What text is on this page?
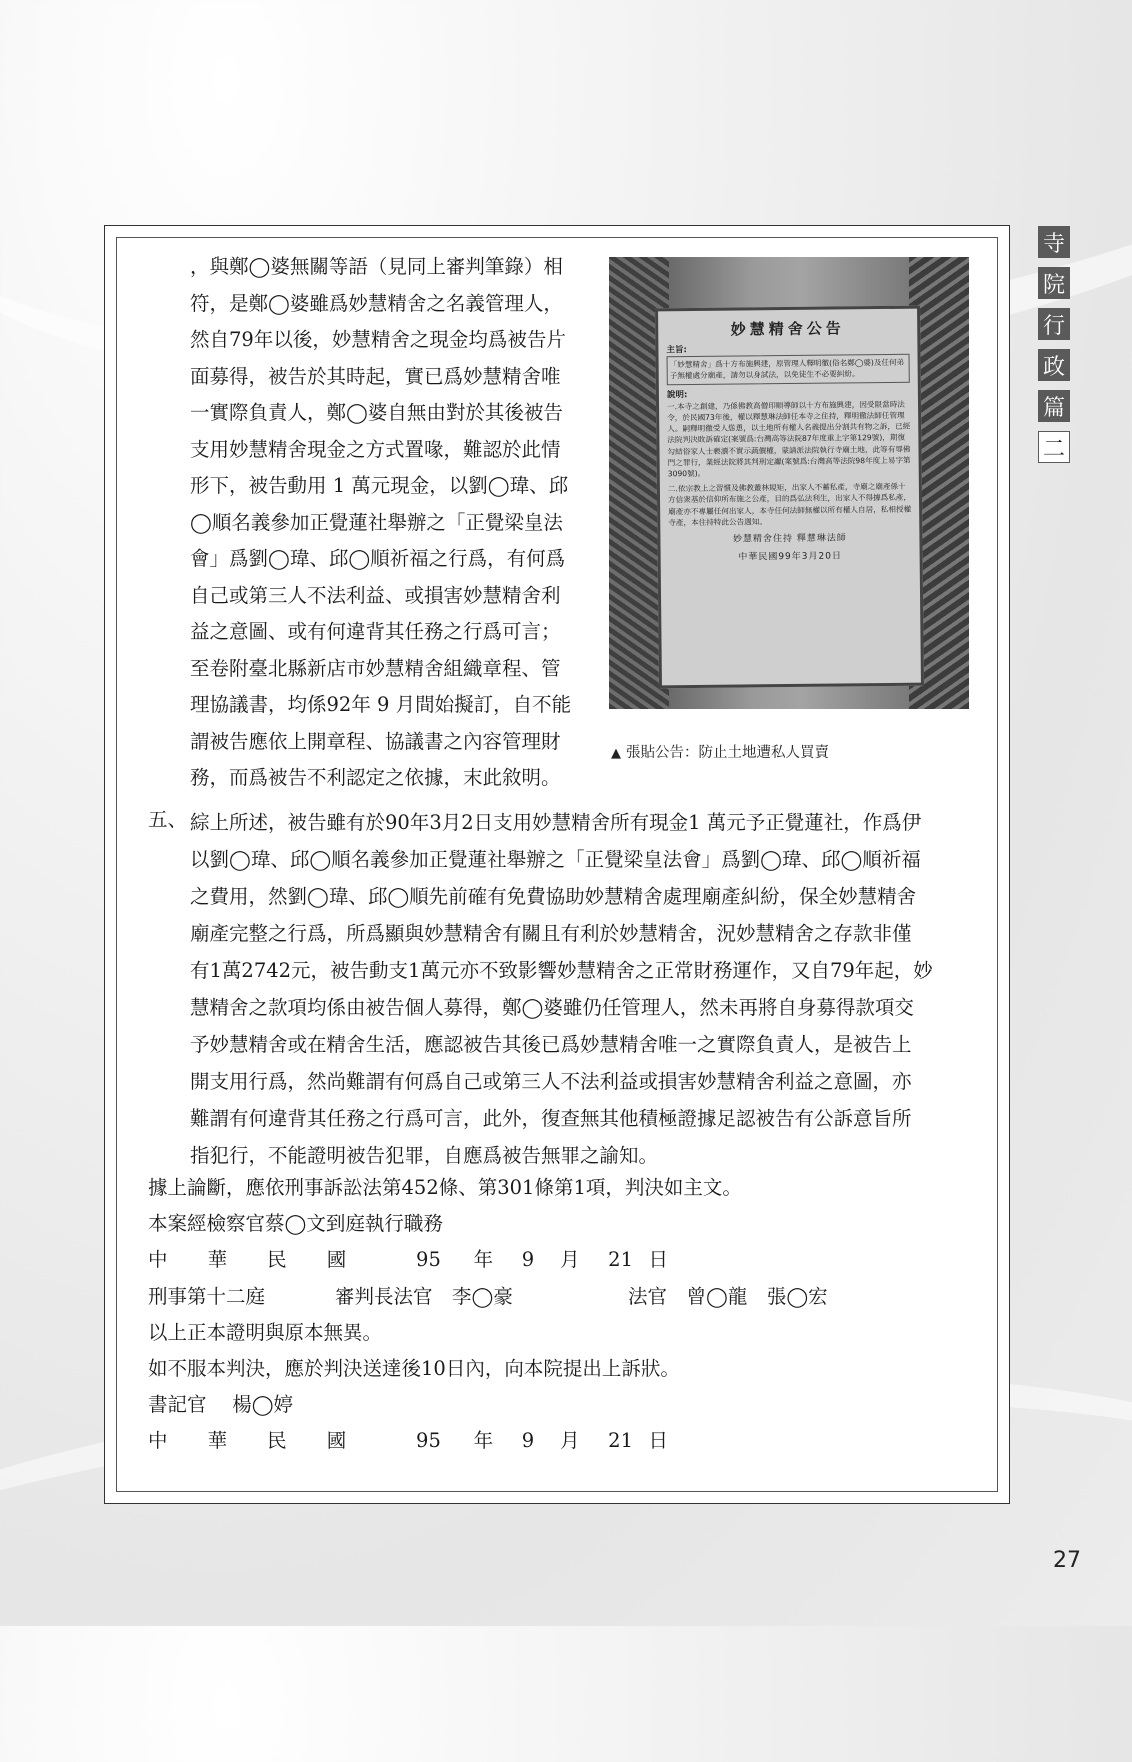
寺
院
行
政
篇
二
，與鄭◯婆無關等語（見同上審判筆錄）相
符，是鄭◯婆雖爲妙慧精舍之名義管理人，
然自79年以後，妙慧精舍之現金均爲被告片
面募得，被告於其時起，實已爲妙慧精舍唯
一實際負責人，鄭◯婆自無由對於其後被告
支用妙慧精舍現金之方式置喙，難認於此情
形下，被告動用 1 萬元現金，以劉◯瑋、邱
◯順名義參加正覺蓮社舉辦之「正覺梁皇法
會」爲劉◯瑋、邱◯順祈福之行爲，有何爲
自己或第三人不法利益、或損害妙慧精舍利
益之意圖、或有何違背其任務之行爲可言；
至卷附臺北縣新店市妙慧精舍組織章程、管
理協議書，均係92年 9 月間始擬訂，自不能
謂被告應依上開章程、協議書之內容管理財
務，而爲被告不利認定之依據，末此敘明。
妙慧精舍公告
主旨:
「妙慧精舍」爲十方布施興建，原管理人釋明徹(俗名鄭◯婆)及任何弟子無權處分廟產，請勿以身試法，以免徒生不必要糾紛。
說明:
一.本寺之創建，乃係佛教高僧印順導師以十方布施興建，因受限當時法令，於民國73年後，權以釋慧琳法師任本寺之住持，釋明徹法師任管理人。嗣釋明徹受人慫恿，以土地所有權人名義提出分割共有物之訴，已經法院判決敗訴確定(案號爲:台灣高等法院87年度重上字第129號)，期復勾結俗家人士褻瀆不實示蔬價權，蒙請派法院執行寺廟土地，此等有辱佛門之罪行，業經法院將其判刑定讞(案號爲:台灣高等法院98年度上易字第3090號)。
二.依宗教上之習慣及佛教叢林規矩，出家人不蓄私產，寺廟之廟產係十方信衆基於信仰所布施之公產，目的爲弘法利生，出家人不得據爲私產，廟產亦不專屬任何出家人，本寺任何法師無權以所有權人自居，私相授權寺產，本住持特此公告週知。
妙慧精舍住持 釋慧琳法師
中華民國99年3月20日
▲ 張貼公告：防止土地遭私人買賣
五、 綜上所述，被告雖有於90年3月2日支用妙慧精舍所有現金1 萬元予正覺蓮社，作爲伊
以劉◯瑋、邱◯順名義參加正覺蓮社舉辦之「正覺梁皇法會」爲劉◯瑋、邱◯順祈福
之費用，然劉◯瑋、邱◯順先前確有免費協助妙慧精舍處理廟產糾紛，保全妙慧精舍
廟產完整之行爲，所爲顯與妙慧精舍有關且有利於妙慧精舍，況妙慧精舍之存款非僅
有1萬2742元，被告動支1萬元亦不致影響妙慧精舍之正常財務運作，又自79年起，妙
慧精舍之款項均係由被告個人募得，鄭◯婆雖仍任管理人，然未再將自身募得款項交
予妙慧精舍或在精舍生活，應認被告其後已爲妙慧精舍唯一之實際負責人，是被告上
開支用行爲，然尚難謂有何爲自己或第三人不法利益或損害妙慧精舍利益之意圖，亦
難謂有何違背其任務之行爲可言，此外，復查無其他積極證據足認被告有公訴意旨所
指犯行，不能證明被告犯罪，自應爲被告無罪之諭知。
據上論斷，應依刑事訴訟法第452條、第301條第1項，判決如主文。
本案經檢察官蔡◯文到庭執行職務
中	華	民	國	95	年	9	月	21 日
刑事第十二庭	審判長法官　李◯豪	法官　曾◯龍　張◯宏
以上正本證明與原本無異。
如不服本判決，應於判決送達後10日內，向本院提出上訴狀。
書記官　 楊◯婷
中	華	民	國	95	年	9	月	21 日
27
